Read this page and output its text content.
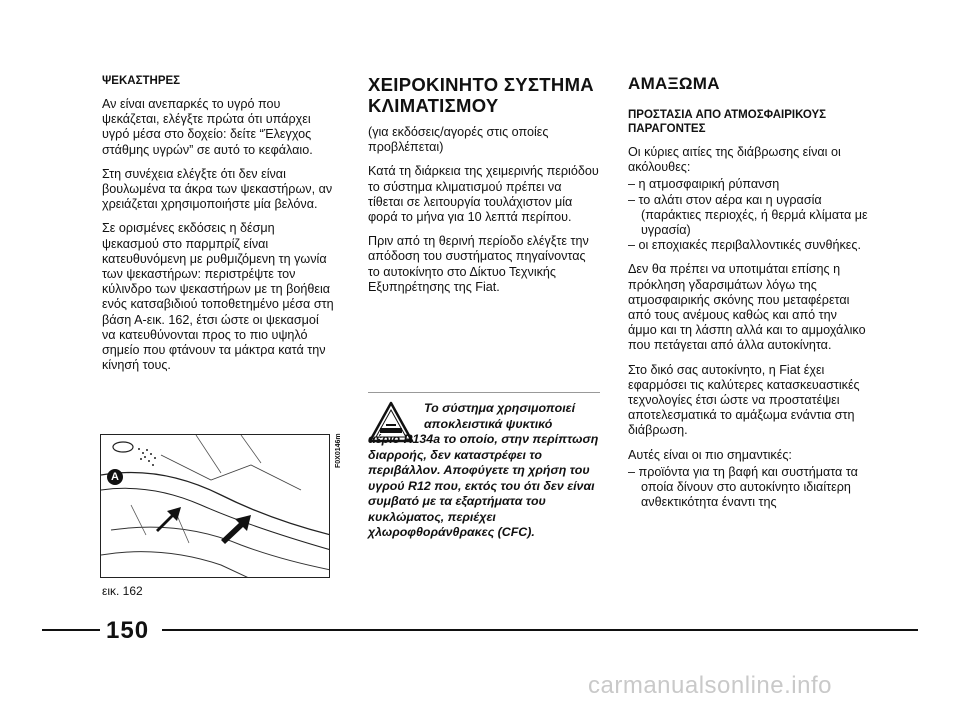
ΨΕΚΑΣΤΗΡΕΣ

Αν είναι ανεπαρκές το υγρό που ψεκάζεται, ελέγξτε πρώτα ότι υπάρχει υγρό μέσα στο δοχείο: δείτε “Έλεγχος στάθμης υγρών” σε αυτό το κεφάλαιο.

Στη συνέχεια ελέγξτε ότι δεν είναι βουλωμένα τα άκρα των ψεκαστήρων, αν χρειάζεται χρησιμοποιήστε μία βελόνα.

Σε ορισμένες εκδόσεις η δέσμη ψεκασμού στο παρμπρίζ είναι κατευθυνόμενη με ρυθμιζόμενη τη γωνία των ψεκαστήρων: περιστρέψτε τον κύλινδρο των ψεκαστήρων με τη βοήθεια ενός κατσαβιδιού τοποθετημένο μέσα στη βάση Α-εικ. 162, έτσι ώστε οι ψεκασμοί να κατευθύνονται προς το πιο υψηλό σημείο που φτάνουν τα μάκτρα κατά την κίνησή τους.

A
F0X0146m
εικ. 162

ΧΕΙΡΟΚΙΝΗΤΟ ΣΥΣΤΗΜΑ ΚΛΙΜΑΤΙΣΜΟΥ

(για εκδόσεις/αγορές στις οποίες προβλέπεται)

Κατά τη διάρκεια της χειμερινής περιόδου το σύστημα κλιματισμού πρέπει να τίθεται σε λειτουργία τουλάχιστον μία φορά το μήνα για 10 λεπτά περίπου.

Πριν από τη θερινή περίοδο ελέγξτε την απόδοση του συστήματος πηγαίνοντας το αυτοκίνητο στο Δίκτυο Τεχνικής Εξυπηρέτησης της Fiat.

Το σύστημα χρησιμοποιεί αποκλειστικά ψυκτικό
αέριο R134a το οποίο, στην περίπτωση διαρροής, δεν καταστρέφει το περιβάλλον. Αποφύγετε τη χρήση του υγρού R12 που, εκτός του ότι δεν είναι συμβατό με τα εξαρτήματα του κυκλώματος, περιέχει χλωροφθοράνθρακες (CFC).

ΑΜΑΞΩΜΑ

ΠΡΟΣΤΑΣΙΑ ΑΠΟ ΑΤΜΟΣΦΑΙΡΙΚΟΥΣ ΠΑΡΑΓΟΝΤΕΣ

Οι κύριες αιτίες της διάβρωσης είναι οι ακόλουθες:

– η ατμοσφαιρική ρύπανση
– το αλάτι στον αέρα και η υγρασία (παράκτιες περιοχές, ή θερμά κλίματα με υγρασία)
– οι εποχιακές περιβαλλοντικές συνθήκες.

Δεν θα πρέπει να υποτιμάται επίσης η πρόκληση γδαρσιμάτων λόγω της ατμοσφαιρικής σκόνης που μεταφέρεται από τους ανέμους καθώς και από την άμμο και τη λάσπη αλλά και το αμμοχάλικο που πετάγεται από άλλα αυτοκίνητα.

Στο δικό σας αυτοκίνητο, η Fiat έχει εφαρμόσει τις καλύτερες κατασκευαστικές τεχνολογίες έτσι ώστε να προστατέψει αποτελεσματικά το αμάξωμα ενάντια στη διάβρωση.

Αυτές είναι οι πιο σημαντικές:

– προϊόντα για τη βαφή και συστήματα τα οποία δίνουν στο αυτοκίνητο ιδιαίτερη ανθεκτικότητα έναντι της
150
carmanualsonline.info
